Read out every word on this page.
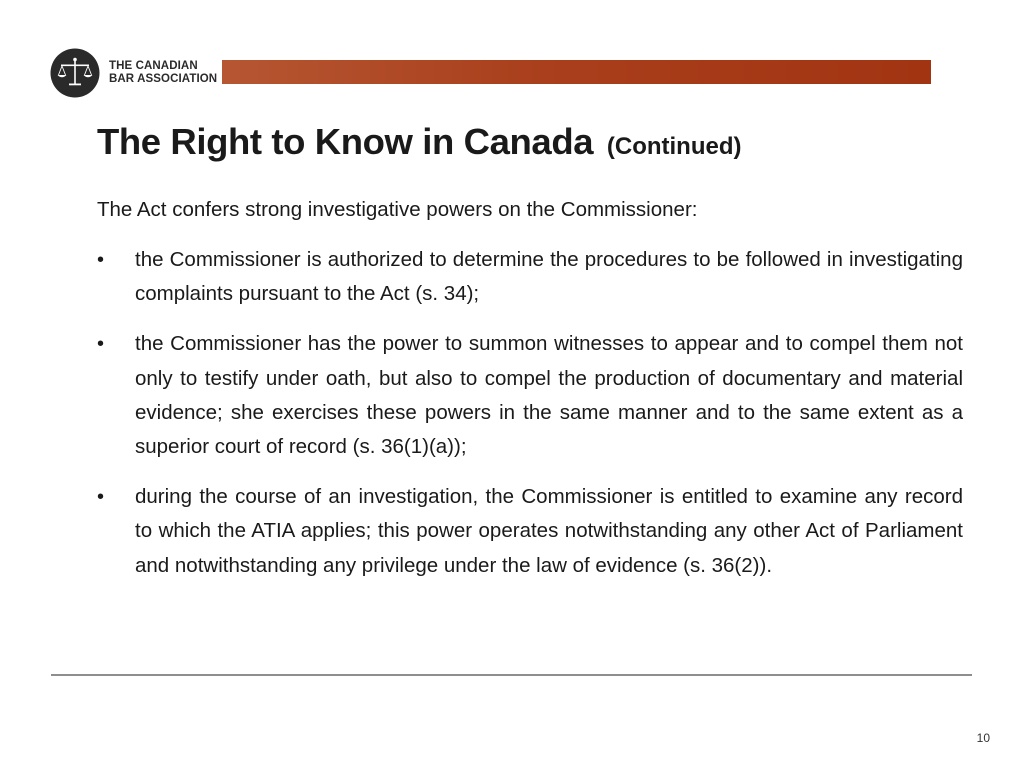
THE CANADIAN
BAR ASSOCIATION
The Right to Know in Canada (Continued)

The Act confers strong investigative powers on the Commissioner:

• the Commissioner is authorized to determine the procedures to be followed in investigating complaints pursuant to the Act (s. 34);
• the Commissioner has the power to summon witnesses to appear and to compel them not only to testify under oath, but also to compel the production of documentary and material evidence; she exercises these powers in the same manner and to the same extent as a superior court of record (s. 36(1)(a));
• during the course of an investigation, the Commissioner is entitled to examine any record to which the ATIA applies; this power operates notwithstanding any other Act of Parliament and notwithstanding any privilege under the law of evidence (s. 36(2)).
10
